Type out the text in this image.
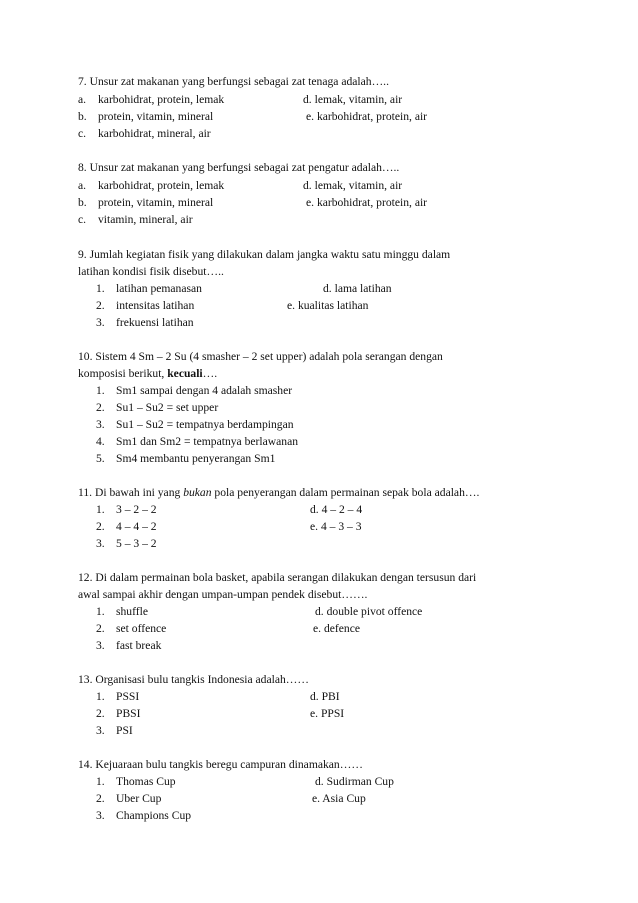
7. Unsur zat makanan yang berfungsi sebagai zat tenaga adalah…..
a. karbohidrat, protein, lemak
b. protein, vitamin, mineral
c. karbohidrat, mineral, air
d. lemak, vitamin, air
e. karbohidrat, protein, air
8. Unsur zat makanan yang berfungsi sebagai zat pengatur adalah…..
a. karbohidrat, protein, lemak
b. protein, vitamin, mineral
c. vitamin, mineral, air
d. lemak, vitamin, air
e. karbohidrat, protein, air
9. Jumlah kegiatan fisik yang dilakukan dalam jangka waktu satu minggu dalam
latihan kondisi fisik disebut…..
1. latihan pemanasan
2. intensitas latihan
3. frekuensi latihan
d. lama latihan
e. kualitas latihan
10. Sistem 4 Sm – 2 Su (4 smasher – 2 set upper) adalah pola serangan dengan
komposisi berikut, kecuali….
1. Sm1 sampai dengan 4 adalah smasher
2. Su1 – Su2 = set upper
3. Su1 – Su2 = tempatnya berdampingan
4. Sm1 dan Sm2 = tempatnya berlawanan
5. Sm4 membantu penyerangan Sm1
11. Di bawah ini yang bukan pola penyerangan dalam permainan sepak bola adalah….
1. 3 – 2 – 2
2. 4 – 4 – 2
3. 5 – 3 – 2
d. 4 – 2 – 4
e. 4 – 3 – 3
12. Di dalam permainan bola basket, apabila serangan dilakukan dengan tersusun dari
awal sampai akhir dengan umpan-umpan pendek disebut…….
1. shuffle
2. set offence
3. fast break
d. double pivot offence
e. defence
13. Organisasi bulu tangkis Indonesia adalah……
1. PSSI
2. PBSI
3. PSI
d. PBI
e. PPSI
14. Kejuaraan bulu tangkis beregu campuran dinamakan……
1. Thomas Cup
2. Uber Cup
3. Champions Cup
d. Sudirman Cup
e. Asia Cup
